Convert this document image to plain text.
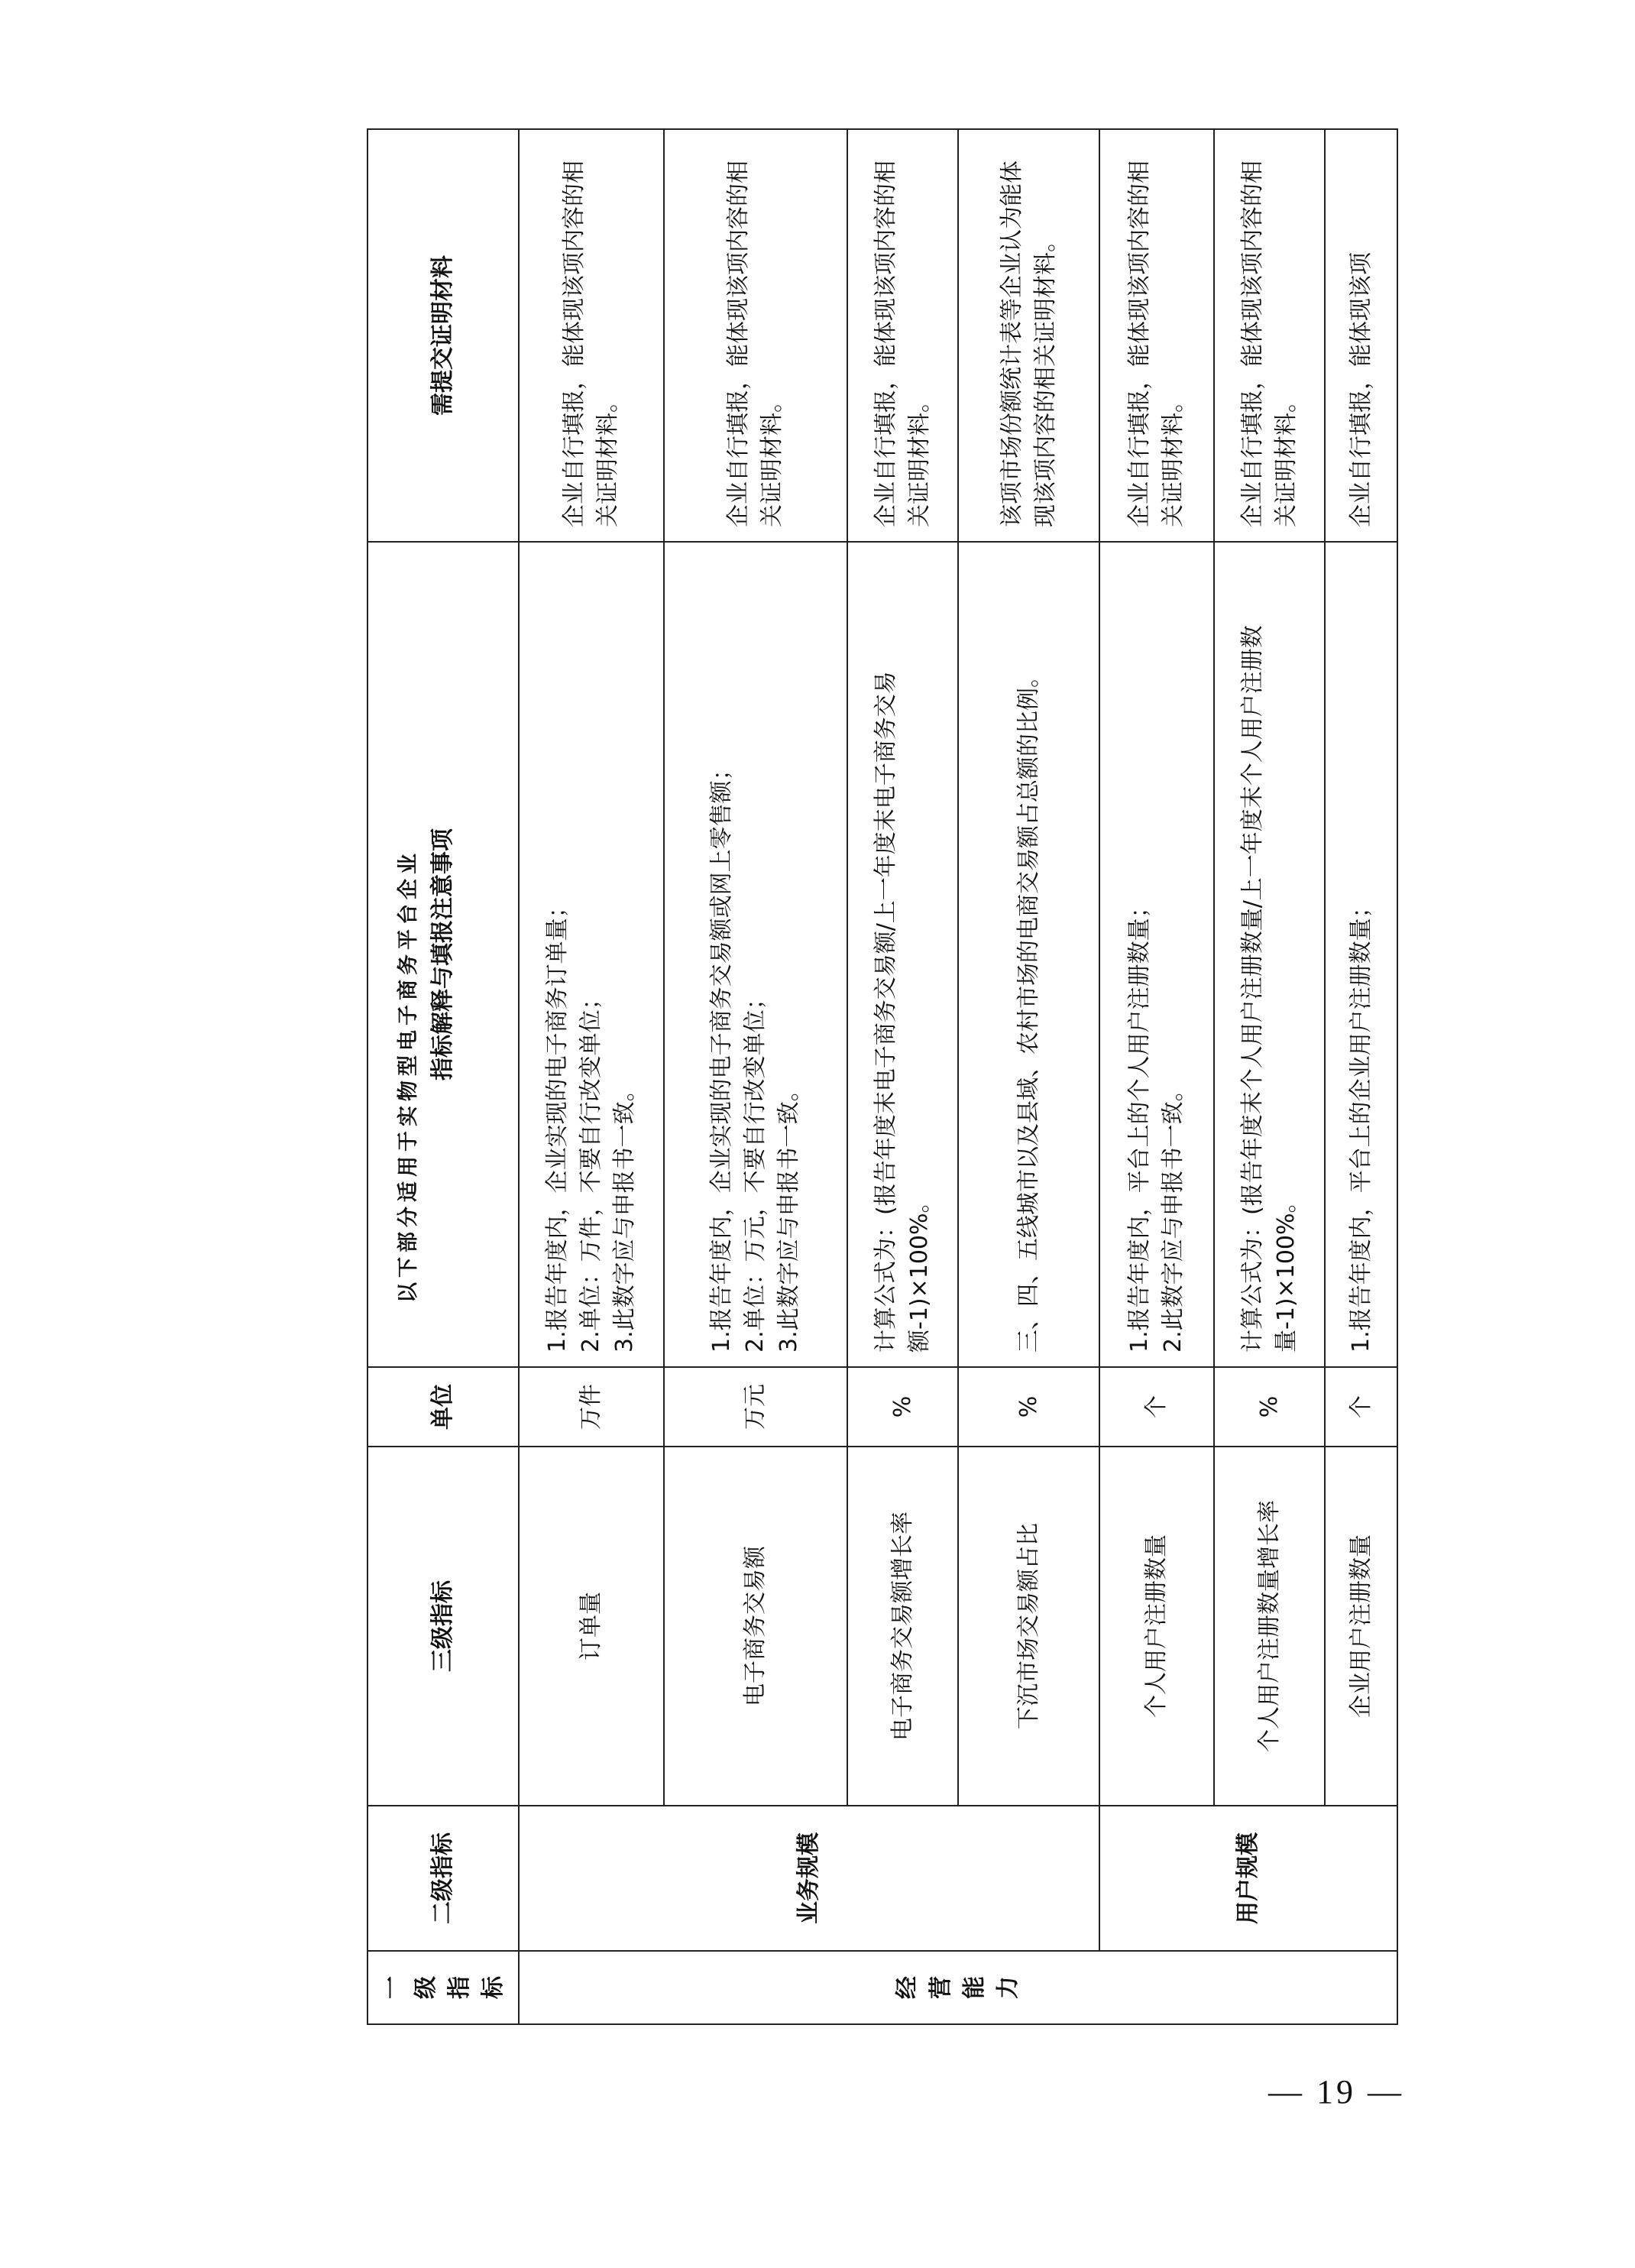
以下部分适用于实物型电子商务平台企业
一级指标	二级指标	三级指标	单位	指标解释与填报注意事项	需提交证明材料
经营能力	业务规模	订单量	万件	1.报告年度内，企业实现的电子商务订单量； 2.单位：万件，不要自行改变单位； 3.此数字应与申报书一致。	企业自行填报，能体现该项内容的相关证明材料。
		电子商务交易额	万元	1.报告年度内，企业实现的电子商务交易额或网上零售额； 2.单位：万元，不要自行改变单位； 3.此数字应与申报书一致。	企业自行填报，能体现该项内容的相关证明材料。
		电子商务交易额增长率	%	计算公式为：(报告年度末电子商务交易额/上一年度末电子商务交易额-1)×100%。	企业自行填报，能体现该项内容的相关证明材料。
		下沉市场交易额占比	%	三、四、五线城市以及县域、农村市场的电商交易额占总额的比例。	该项市场份额统计表等企业认为能体现该项内容的相关证明材料。
	用户规模	个人用户注册数量	个	1.报告年度内，平台上的个人用户注册数量； 2.此数字应与申报书一致。	企业自行填报，能体现该项内容的相关证明材料。
		个人用户注册数量增长率	%	计算公式为：(报告年度末个人用户注册数量/上一年度末个人用户注册数量-1)×100%。	企业自行填报，能体现该项内容的相关证明材料。
		企业用户注册数量	个	1.报告年度内，平台上的企业用户注册数量；	企业自行填报，能体现该项
— 19 —
